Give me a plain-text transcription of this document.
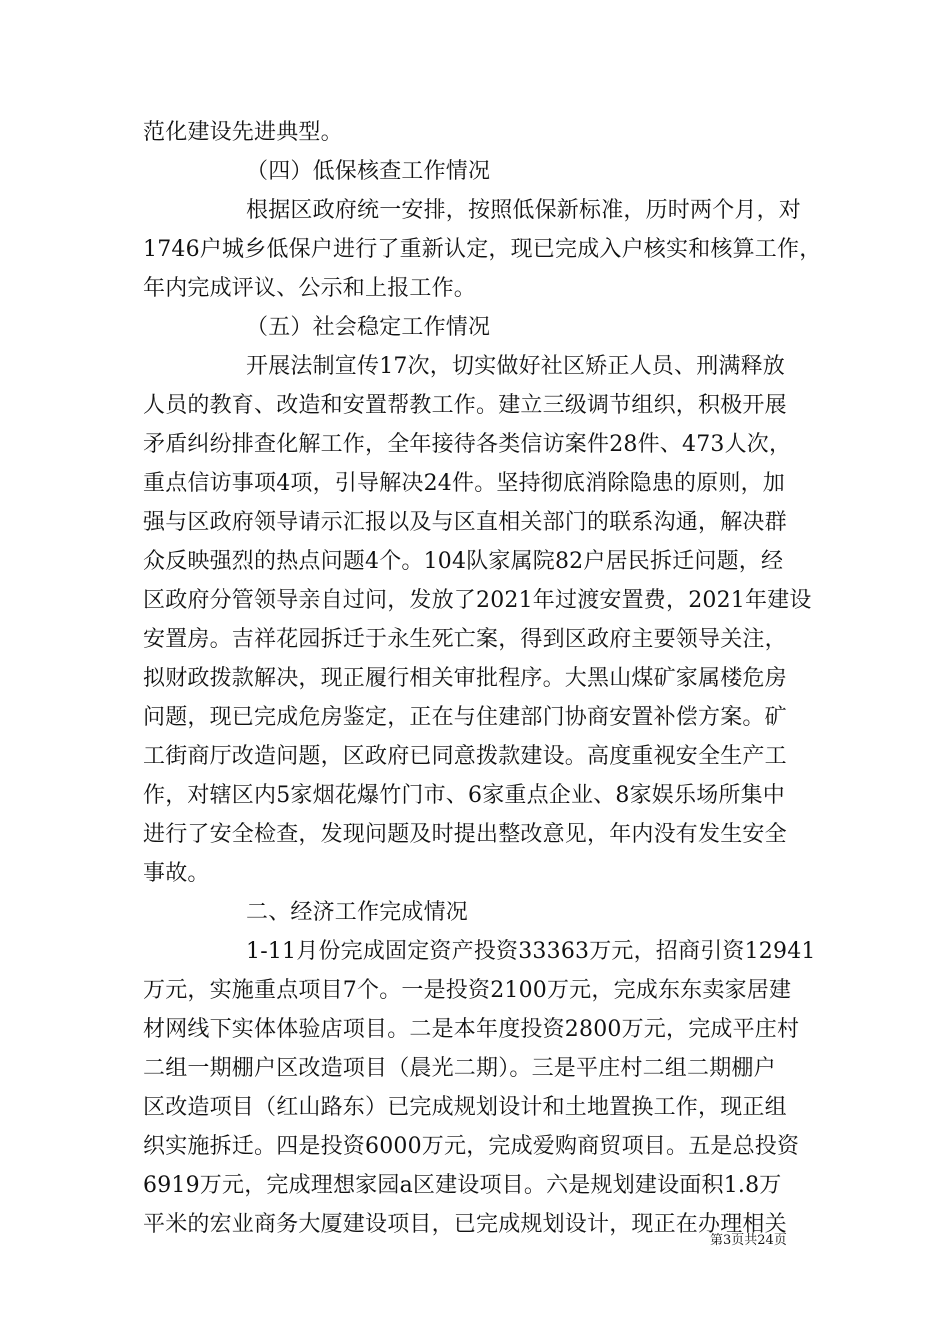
范化建设先进典型。
（四）低保核查工作情况
根据区政府统一安排，按照低保新标准，历时两个月，对
1746户城乡低保户进行了重新认定，现已完成入户核实和核算工作，
年内完成评议、公示和上报工作。
（五）社会稳定工作情况
开展法制宣传17次，切实做好社区矫正人员、刑满释放
人员的教育、改造和安置帮教工作。建立三级调节组织，积极开展
矛盾纠纷排查化解工作，全年接待各类信访案件28件、473人次，
重点信访事项4项，引导解决24件。坚持彻底消除隐患的原则，加
强与区政府领导请示汇报以及与区直相关部门的联系沟通，解决群
众反映强烈的热点问题4个。104队家属院82户居民拆迁问题，经
区政府分管领导亲自过问，发放了2021年过渡安置费，2021年建设
安置房。吉祥花园拆迁于永生死亡案，得到区政府主要领导关注，
拟财政拨款解决，现正履行相关审批程序。大黑山煤矿家属楼危房
问题，现已完成危房鉴定，正在与住建部门协商安置补偿方案。矿
工街商厅改造问题，区政府已同意拨款建设。高度重视安全生产工
作，对辖区内5家烟花爆竹门市、6家重点企业、8家娱乐场所集中
进行了安全检查，发现问题及时提出整改意见，年内没有发生安全
事故。
二、经济工作完成情况
1-11月份完成固定资产投资33363万元，招商引资12941
万元，实施重点项目7个。一是投资2100万元，完成东东卖家居建
材网线下实体体验店项目。二是本年度投资2800万元，完成平庄村
二组一期棚户区改造项目（晨光二期）。三是平庄村二组二期棚户
区改造项目（红山路东）已完成规划设计和土地置换工作，现正组
织实施拆迁。四是投资6000万元，完成爱购商贸项目。五是总投资
6919万元，完成理想家园a区建设项目。六是规划建设面积1.8万
平米的宏业商务大厦建设项目，已完成规划设计，现正在办理相关
第3页共24页
